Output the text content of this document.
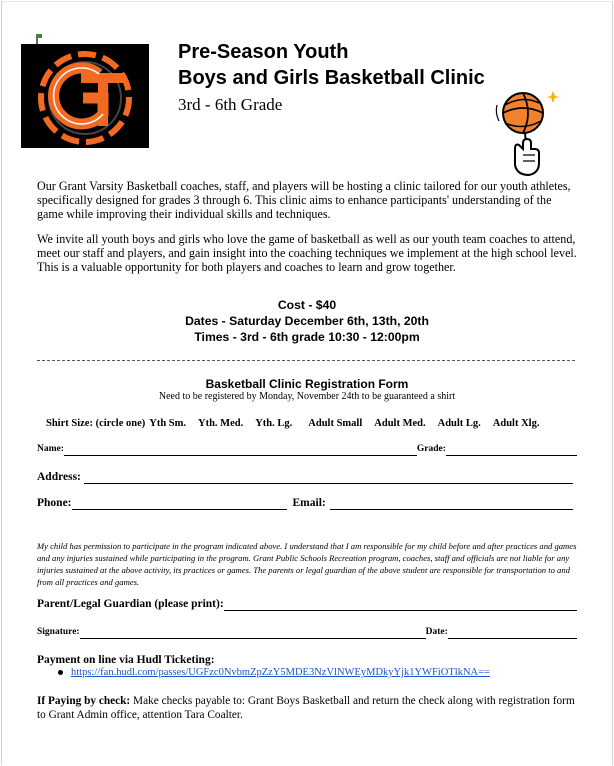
Pre-Season Youth
Boys and Girls Basketball Clinic
3rd - 6th Grade

Our Grant Varsity Basketball coaches, staff, and players will be hosting a clinic tailored for our youth athletes, specifically designed for grades 3 through 6. This clinic aims to enhance participants' understanding of the game while improving their individual skills and techniques.

We invite all youth boys and girls who love the game of basketball as well as our youth team coaches to attend, meet our staff and players, and gain insight into the coaching techniques we implement at the high school level. This is a valuable opportunity for both players and coaches to learn and grow together.

Cost - $40
Dates - Saturday December 6th, 13th, 20th
Times - 3rd - 6th grade 10:30 - 12:00pm
Basketball Clinic Registration Form
Need to be registered by Monday, November 24th to be guaranteed a shirt
Shirt Size: (circle one) Yth Sm. Yth. Med. Yth. Lg. Adult Small Adult Med. Adult Lg. Adult Xlg.
Name:	Grade:
Address:
Phone:	Email:

My child has permission to participate in the program indicated above. I understand that I am responsible for my child before and after practices and games and any injuries sustained while participating in the program. Grant Public Schools Recreation program, coaches, staff and officials are not liable for any injuries sustained at the above activity, its practices or games. The parents or legal guardian of the above student are responsible for transportation to and from all practices and games.

Parent/Legal Guardian (please print):
Signature:	Date:
Payment on line via Hudl Ticketing:
https://fan.hudl.com/passes/UGFzc0NvbmZpZzY5MDE3NzVlNWEyMDkyYjk1YWFiOTlkNA==

If Paying by check: Make checks payable to: Grant Boys Basketball and return the check along with registration form to Grant Admin office, attention Tara Coalter.
